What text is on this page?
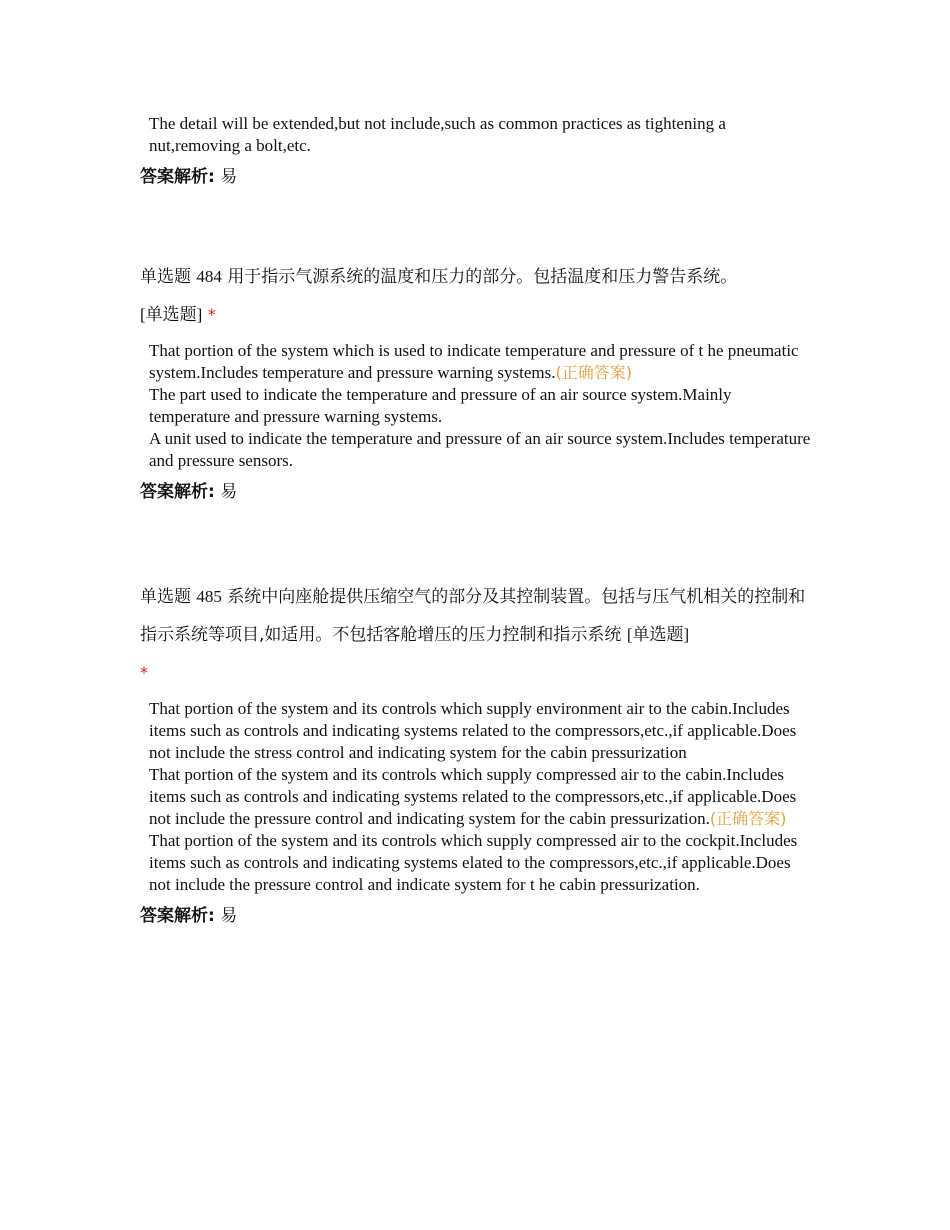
The detail will be extended,but not include,such as common practices as tightening a nut,removing a bolt,etc.
答案解析: 易
单选题 484 用于指示气源系统的温度和压力的部分。包括温度和压力警告系统。
[单选题] *
That portion of the system which is used to indicate temperature and pressure of t he pneumatic system.Includes temperature and pressure warning systems.(正确答案)
The part used to indicate the temperature and pressure of an air source system.Mainly temperature and pressure warning systems.
A unit used to indicate the temperature and pressure of an air source system.Includes temperature and pressure sensors.
答案解析: 易
单选题 485 系统中向座舱提供压缩空气的部分及其控制装置。包括与压气机相关的控制和指示系统等项目,如适用。不包括客舱增压的压力控制和指示系统 [单选题]
*
That portion of the system and its controls which supply environment air to the cabin.Includes items such as controls and indicating systems related to the compressors,etc.,if applicable.Does not include the stress control and indicating system for the cabin pressurization
That portion of the system and its controls which supply compressed air to the cabin.Includes items such as controls and indicating systems related to the compressors,etc.,if applicable.Does not include the pressure control and indicating system for the cabin pressurization.(正确答案)
That portion of the system and its controls which supply compressed air to the cockpit.Includes items such as controls and indicating systems elated to the compressors,etc.,if applicable.Does not include the pressure control and indicate system for t he cabin pressurization.
答案解析: 易
